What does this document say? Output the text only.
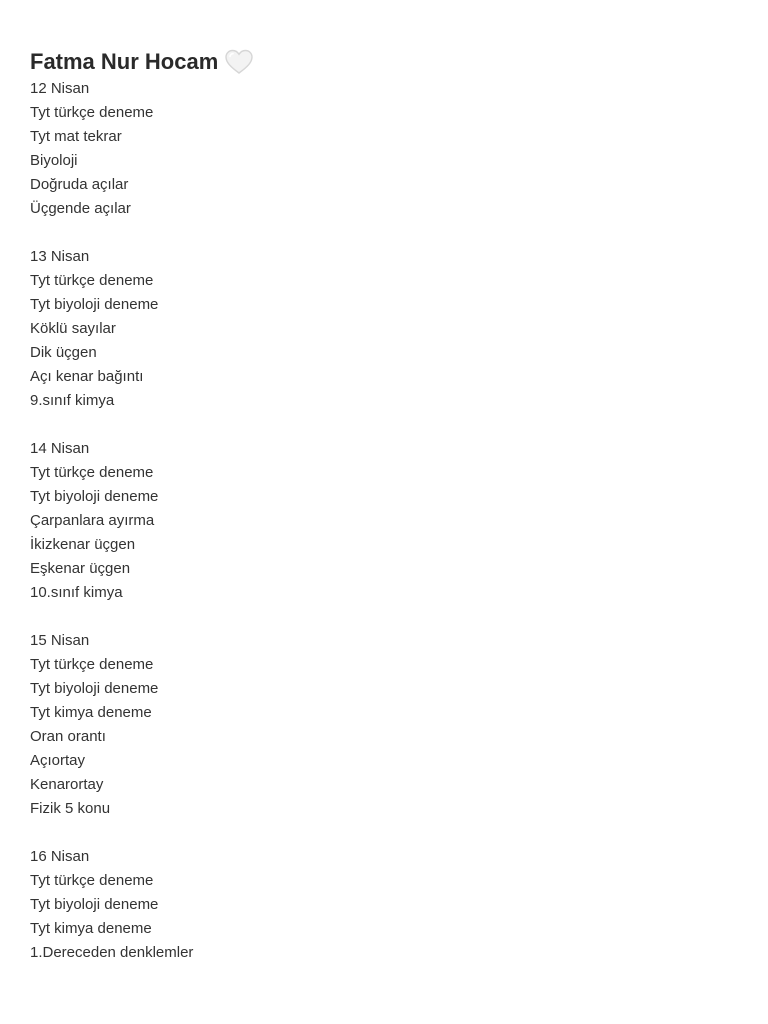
Fatma Nur Hocam
12 Nisan
Tyt türkçe deneme
Tyt mat tekrar
Biyoloji
Doğruda açılar
Üçgende açılar
13 Nisan
Tyt türkçe deneme
Tyt biyoloji deneme
Köklü sayılar
Dik üçgen
Açı kenar bağıntı
9.sınıf kimya
14 Nisan
Tyt türkçe deneme
Tyt biyoloji deneme
Çarpanlara ayırma
İkizkenar üçgen
Eşkenar üçgen
10.sınıf kimya
15 Nisan
Tyt türkçe deneme
Tyt biyoloji deneme
Tyt kimya deneme
Oran orantı
Açıortay
Kenarortay
Fizik 5 konu
16 Nisan
Tyt türkçe deneme
Tyt biyoloji deneme
Tyt kimya deneme
1.Dereceden denklemler
